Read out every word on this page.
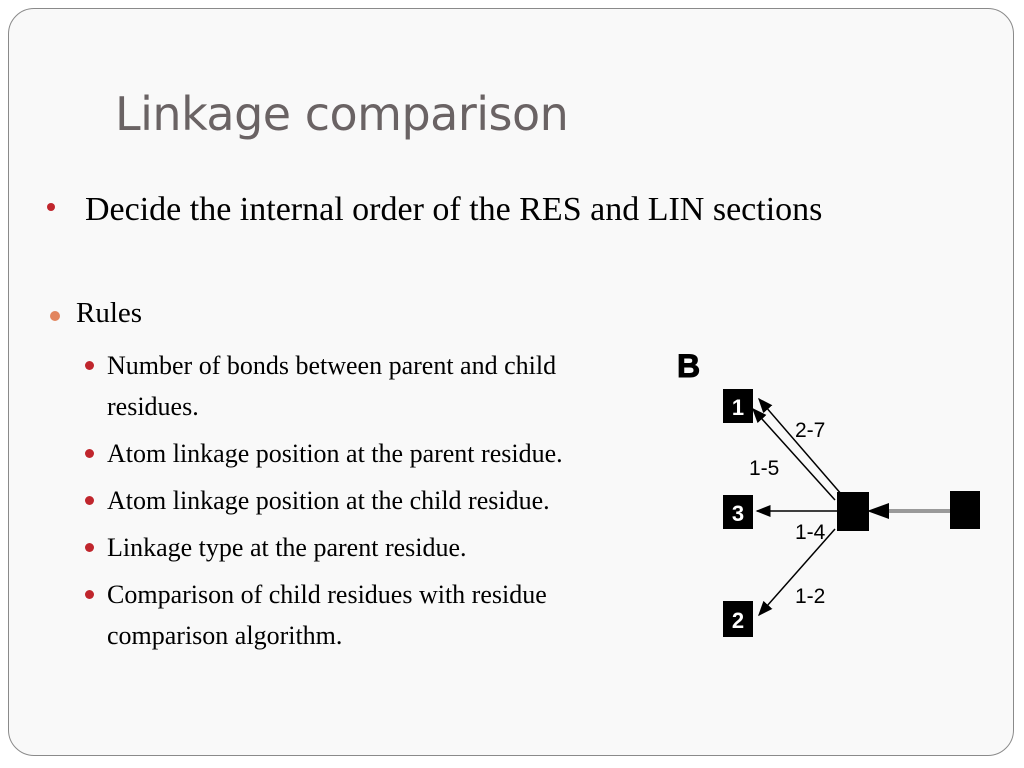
Linkage comparison
Decide the internal order of the RES and LIN sections
Rules
Number of bonds between parent and child residues.
Atom linkage position at the parent residue.
Atom linkage position at the child residue.
Linkage type at the parent residue.
Comparison of child residues with residue comparison algorithm.
B
1
3
2
2-7
1-5
1-4
1-2
